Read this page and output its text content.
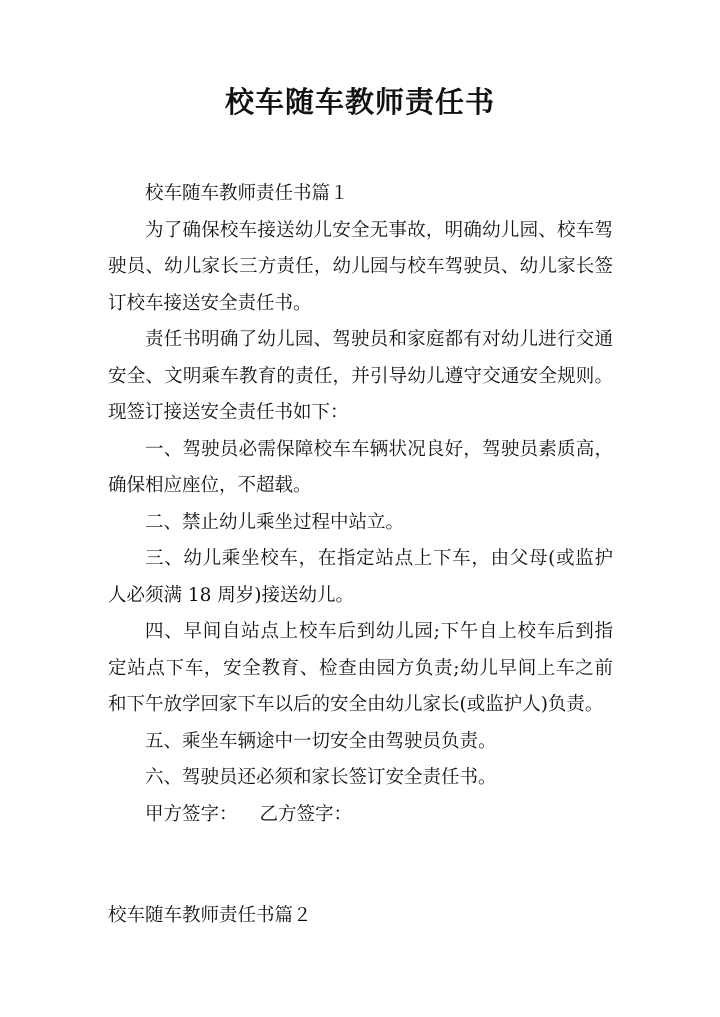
校车随车教师责任书

校车随车教师责任书篇１

为了确保校车接送幼儿安全无事故，明确幼儿园、校车驾驶员、幼儿家长三方责任，幼儿园与校车驾驶员、幼儿家长签订校车接送安全责任书。

责任书明确了幼儿园、驾驶员和家庭都有对幼儿进行交通安全、文明乘车教育的责任，并引导幼儿遵守交通安全规则。现签订接送安全责任书如下：

一、驾驶员必需保障校车车辆状况良好，驾驶员素质高，确保相应座位，不超载。

二、禁止幼儿乘坐过程中站立。

三、幼儿乘坐校车，在指定站点上下车，由父母(或监护人必须满 18 周岁)接送幼儿。

四、早间自站点上校车后到幼儿园;下午自上校车后到指定站点下车，安全教育、检查由园方负责;幼儿早间上车之前和下午放学回家下车以后的安全由幼儿家长(或监护人)负责。

五、乘坐车辆途中一切安全由驾驶员负责。

六、驾驶员还必须和家长签订安全责任书。

甲方签字： 乙方签字：

校车随车教师责任书篇２
